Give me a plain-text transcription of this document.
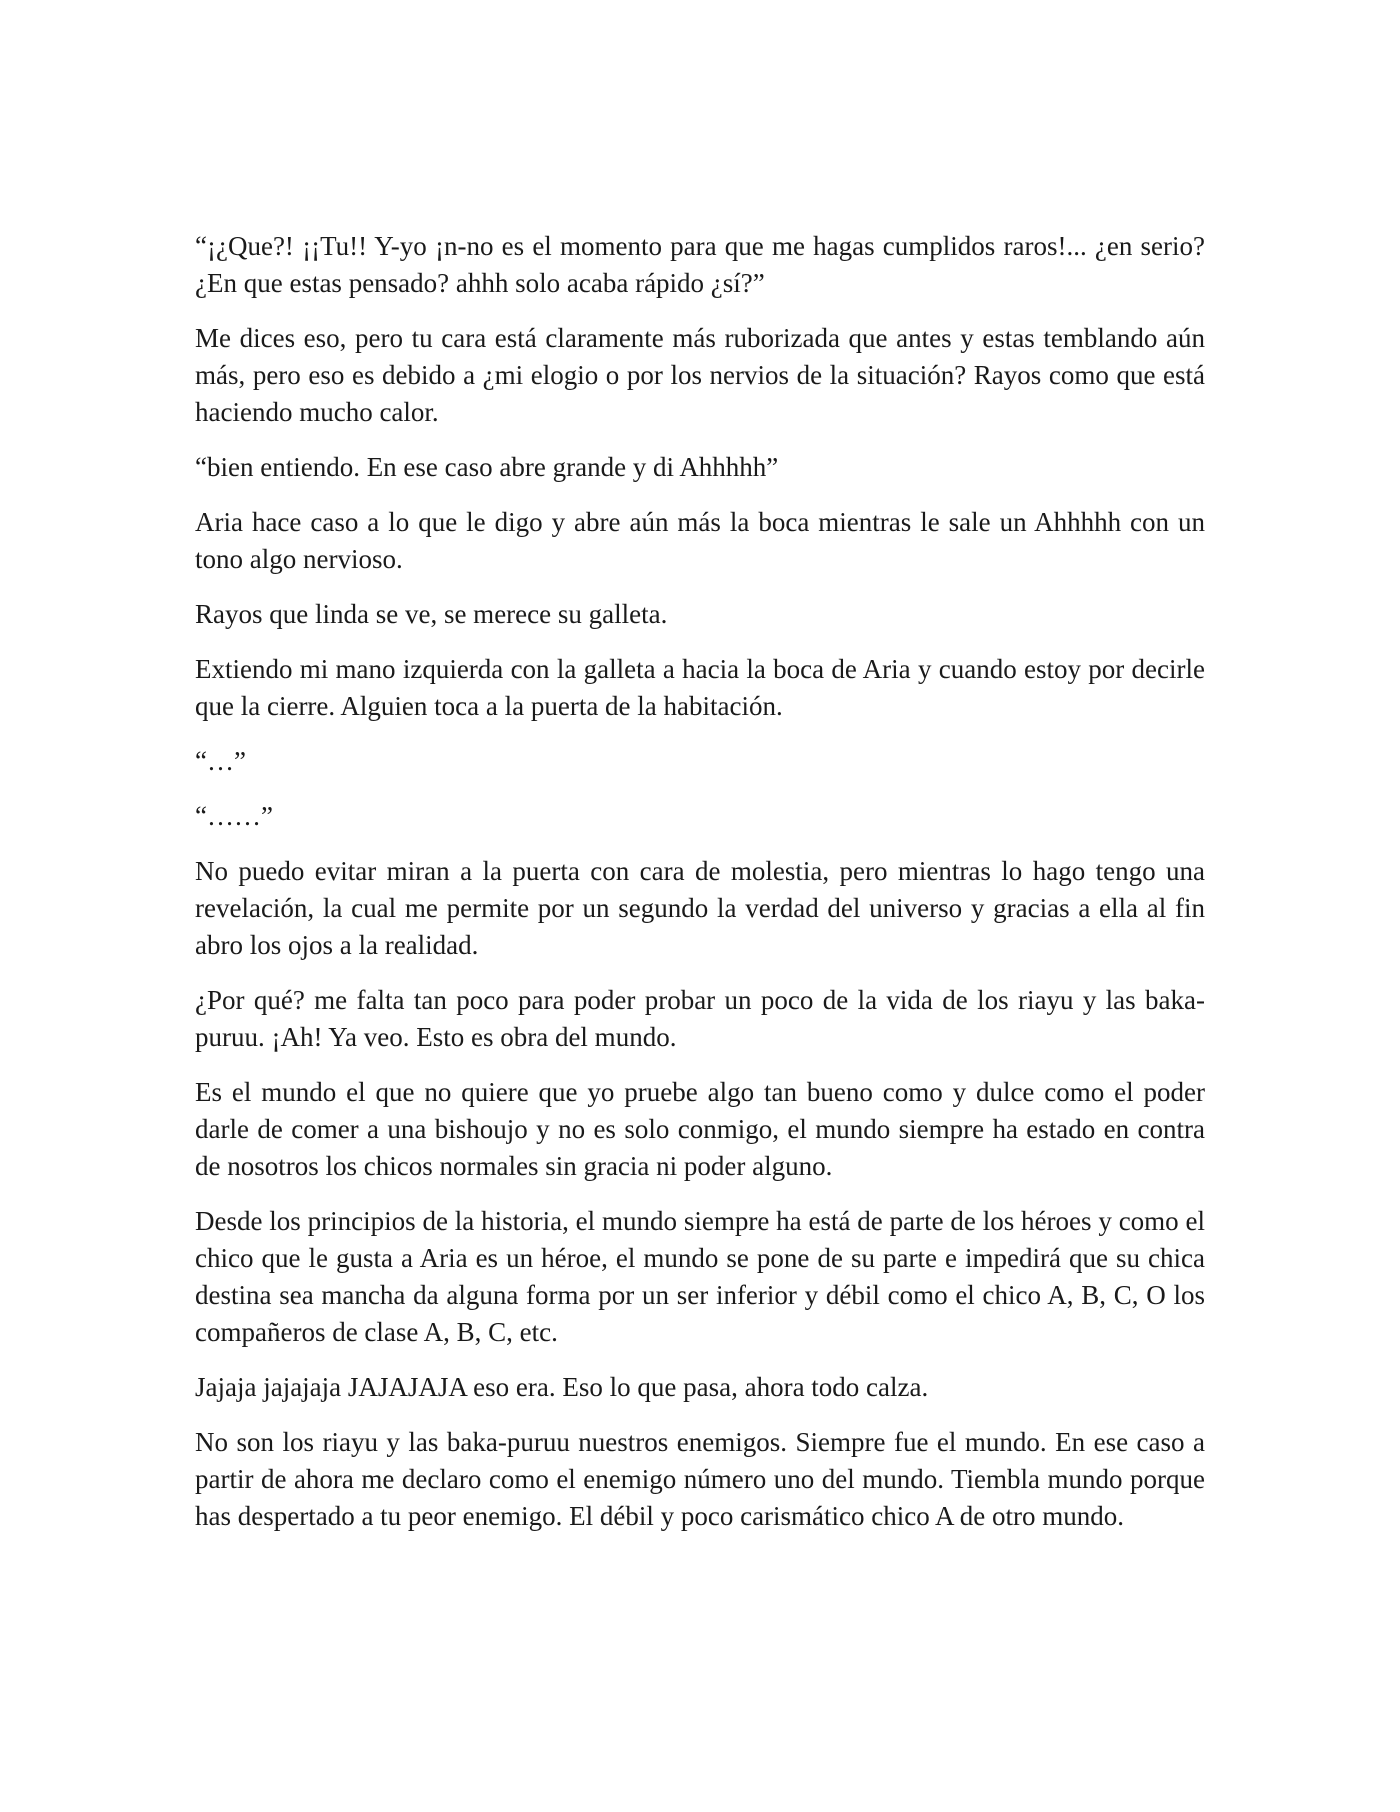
“¡¿Que?! ¡¡Tu!! Y-yo ¡n-no es el momento para que me hagas cumplidos raros!... ¿en serio? ¿En que estas pensado? ahhh solo acaba rápido ¿sí?”

Me dices eso, pero tu cara está claramente más ruborizada que antes y estas temblando aún más, pero eso es debido a ¿mi elogio o por los nervios de la situación? Rayos como que está haciendo mucho calor.

“bien entiendo. En ese caso abre grande y di Ahhhhh”

Aria hace caso a lo que le digo y abre aún más la boca mientras le sale un Ahhhhh con un tono algo nervioso.

Rayos que linda se ve, se merece su galleta.

Extiendo mi mano izquierda con la galleta a hacia la boca de Aria y cuando estoy por decirle que la cierre. Alguien toca a la puerta de la habitación.

“…”

“……”

No puedo evitar miran a la puerta con cara de molestia, pero mientras lo hago tengo una revelación, la cual me permite por un segundo la verdad del universo y gracias a ella al fin abro los ojos a la realidad.

¿Por qué? me falta tan poco para poder probar un poco de la vida de los riayu y las baka-puruu. ¡Ah! Ya veo. Esto es obra del mundo.

Es el mundo el que no quiere que yo pruebe algo tan bueno como y dulce como el poder darle de comer a una bishoujo y no es solo conmigo, el mundo siempre ha estado en contra de nosotros los chicos normales sin gracia ni poder alguno.

Desde los principios de la historia, el mundo siempre ha está de parte de los héroes y como el chico que le gusta a Aria es un héroe, el mundo se pone de su parte e impedirá que su chica destina sea mancha da alguna forma por un ser inferior y débil como el chico A, B, C, O los compañeros de clase A, B, C, etc.

Jajaja jajajaja JAJAJAJA eso era. Eso lo que pasa, ahora todo calza.

No son los riayu y las baka-puruu nuestros enemigos. Siempre fue el mundo. En ese caso a partir de ahora me declaro como el enemigo número uno del mundo. Tiembla mundo porque has despertado a tu peor enemigo. El débil y poco carismático chico A de otro mundo.
